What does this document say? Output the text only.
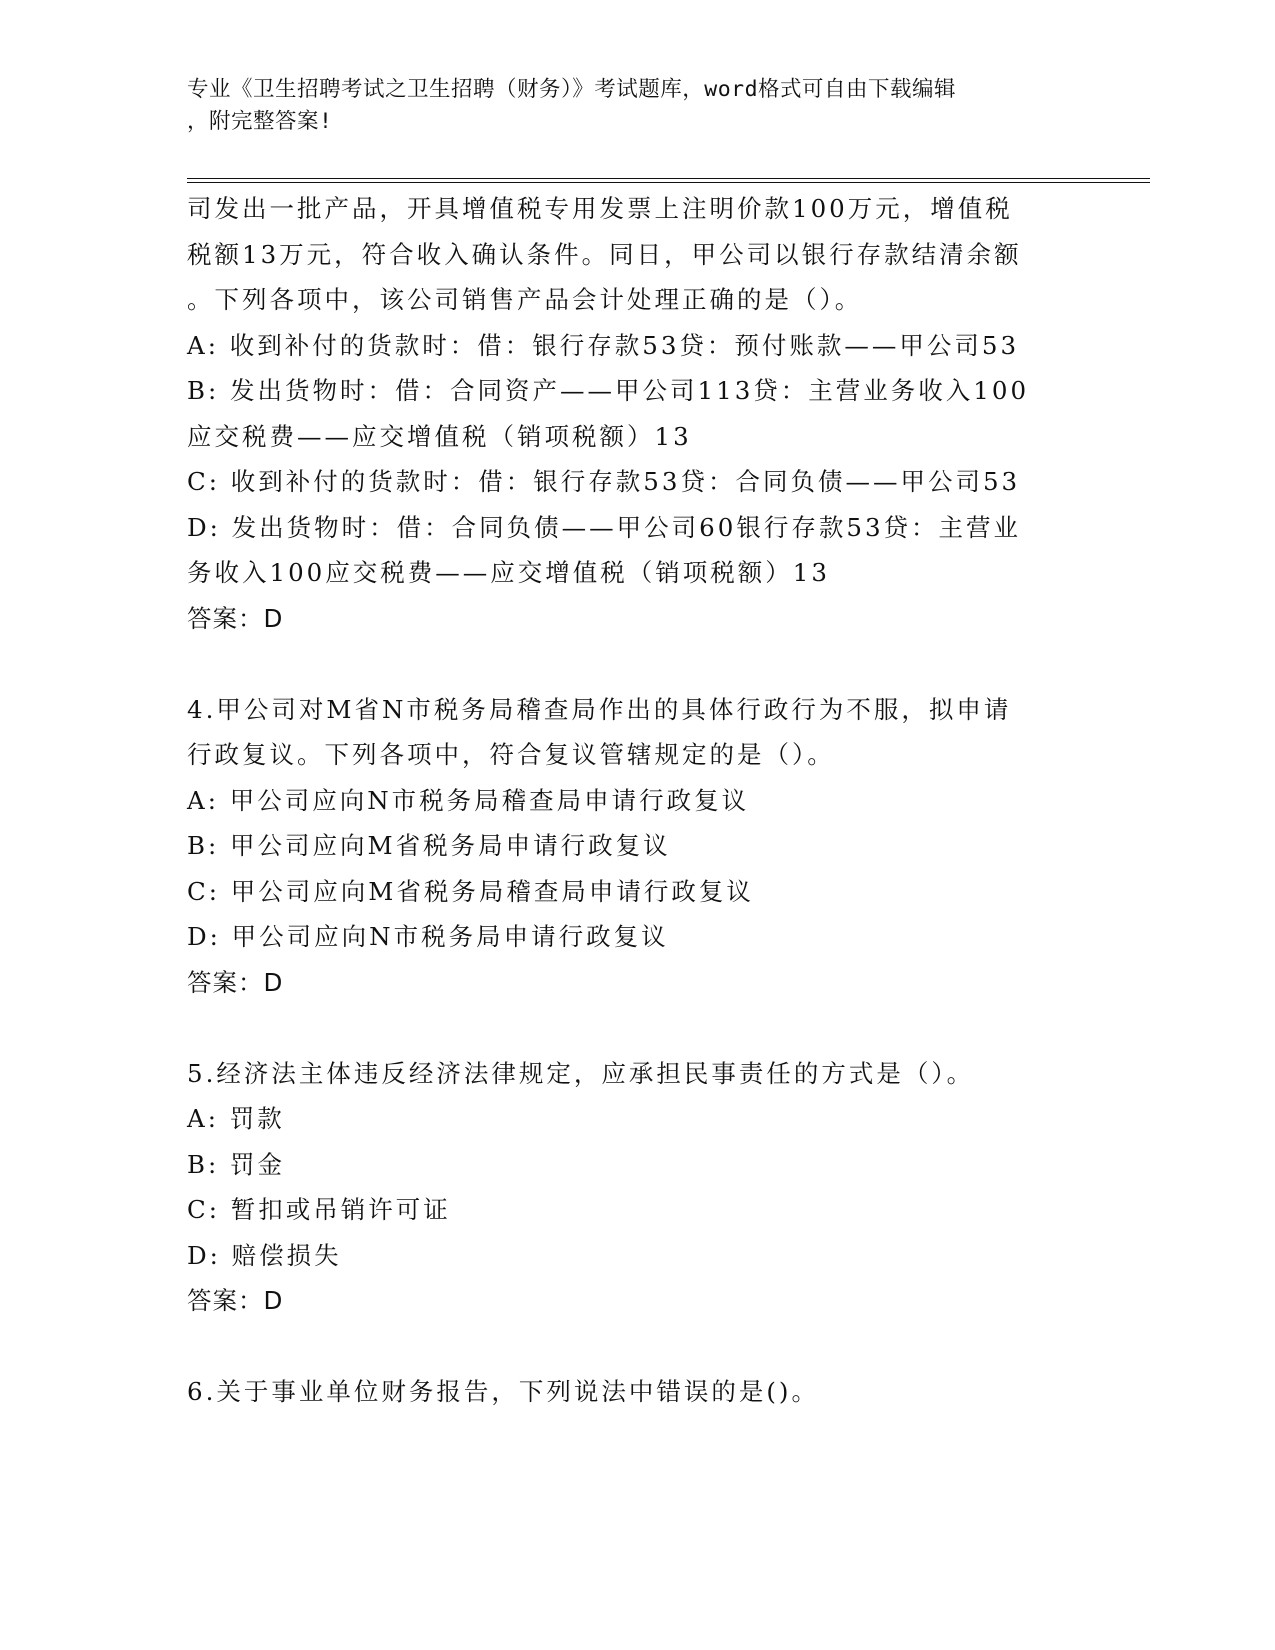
专业《卫生招聘考试之卫生招聘（财务）》考试题库，word格式可自由下载编辑
，附完整答案!
司发出一批产品，开具增值税专用发票上注明价款100万元，增值税
税额13万元，符合收入确认条件。同日，甲公司以银行存款结清余额
。下列各项中，该公司销售产品会计处理正确的是（）。
A: 收到补付的货款时：借：银行存款53贷：预付账款——甲公司53
B: 发出货物时：借：合同资产——甲公司113贷：主营业务收入100
应交税费——应交增值税（销项税额）13
C: 收到补付的货款时：借：银行存款53贷：合同负债——甲公司53
D: 发出货物时：借：合同负债——甲公司60银行存款53贷：主营业
务收入100应交税费——应交增值税（销项税额）13
答案：D
4.甲公司对M省N市税务局稽查局作出的具体行政行为不服，拟申请
行政复议。下列各项中，符合复议管辖规定的是（）。
A: 甲公司应向N市税务局稽查局申请行政复议
B: 甲公司应向M省税务局申请行政复议
C: 甲公司应向M省税务局稽查局申请行政复议
D: 甲公司应向N市税务局申请行政复议
答案：D
5.经济法主体违反经济法律规定，应承担民事责任的方式是（）。
A: 罚款
B: 罚金
C: 暂扣或吊销许可证
D: 赔偿损失
答案：D
6.关于事业单位财务报告，下列说法中错误的是()。
